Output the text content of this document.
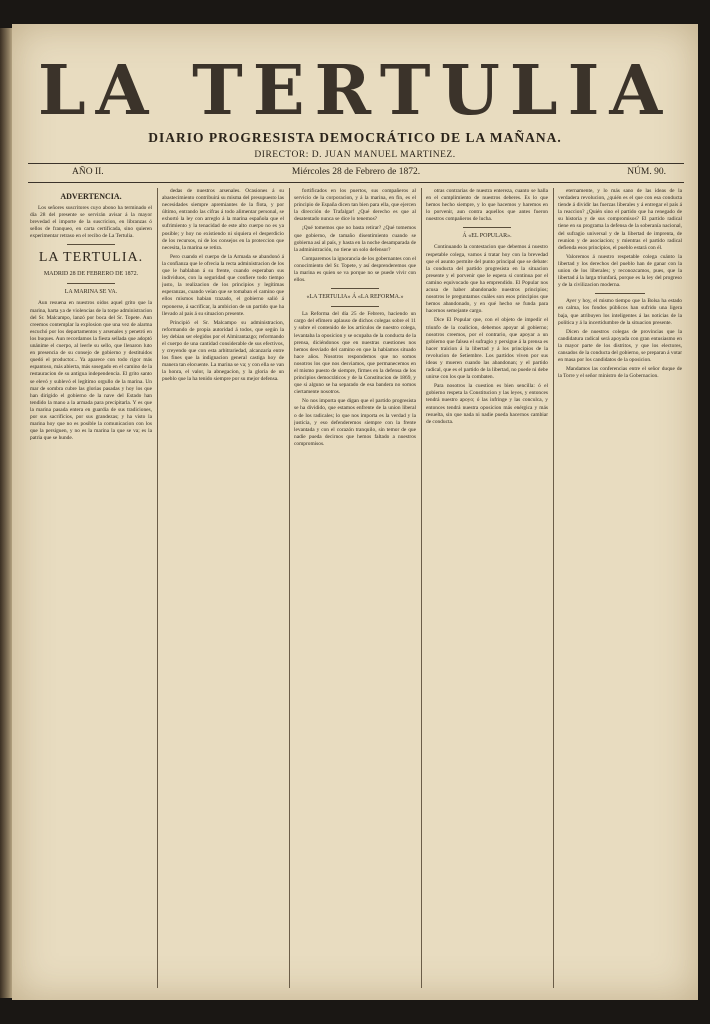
LA TERTULIA
DIARIO PROGRESISTA DEMOCRÁTICO DE LA MAÑANA.
DIRECTOR: D. JUAN MANUEL MARTINEZ.
AÑO II.	Miércoles 28 de Febrero de 1872.	NÚM. 90.
ADVERTENCIA.

Los señores suscritores cuyo abono ha terminado el día 28 del presente se servirán avisar á la mayor brevedad el importe de la suscricion, en libranzas ó sellos de franqueo, en carta certificada, sino quieren experimentar retraso en el recibo de La Tertulia.

LA TERTULIA.
MADRID 28 DE FEBRERO DE 1872.
LA MARINA SE VA.

Aun resuena en nuestros oidos aquel grito que la marina, harta ya de violencias de la torpe administracion del Sr. Malcampo, lanzó por boca del Sr. Topete. Aun creemos contemplar la explosion que una vez de alarma escuchó por los departamentos y arsenales y penetró en los buques. Aun recordamos la fiesta sellada que adoptó unánime el cuerpo, al leerle su sello, que llenaron luto en presencia de su consejo de gobierno y destituidos quedó el productor... Ya aparece con todo rigor más espantoso, más abierta, más sosegado en el camino de la restauracion de su antigua independencia. El grito santo se elevó y sublevó el legítimo orgullo de la marina. Un mar de sombra cubre las glorias pasadas y hoy los que han dirigido el gobierno de la nave del Estado han tendido la mano a la armada para precipitarla. Y es que la marina pasada entera en guardia de sus tradiciones, por sus sacrificios, por sus grandezas; y ha visto la marina hoy que no es posible la comunicacion con los que la persiguen, y no es la marina la que se va; es la patria que se hunde.

dedas de nuestros arsenales. Ocasiones á su abastecimiento contribuirá su misma del presupuesto las necesidades siempre apremiantes de la flota, y por último, entrando las cifras á todo alimentar personal, se exhortó la ley con arreglo á la marina española que el sufrimiento y la tenacidad de este alto cuerpo no es ya posible; y hoy no existiendo ni siquiera el desperdicio de los recursos, ni de los consejos en la proteccion que necesita, la marina se retira.

Pero cuando el cuerpo de la Armada se abandonó á la confianza que le ofrecia la recta administracion de los que le hablaban á su frente, cuando esperaban sus individuos, con la seguridad que confiere todo tiempo justo, la realizacion de los principios y legítimas esperanzas, cuando veían que se tomaban el camino que ellos mismos habian trazado, el gobierno salió á reponerse, á sacrificar, la ambicion de un partido que ha llevado al pais á su situacion presente.

Principió el Sr. Malcampo su administracion, reformando de propia autoridad á todos, que según la ley debian ser elegidos por el Almirantazgo; reformando el cuerpo de una cantidad considerable de sus efectivos, y creyendo que con esta arbitrariedad, alcanzaría entre los fines que la indignacion general castiga hoy de manera tan elocuente. La marina se va; y con ella se van la honra, el valor, la abnegacion, y la gloria de un pueblo que la ha tenido siempre por su mejor defensa.

fortificados en los puertos, sus compañeros al servicio de la corporacion, y á la marina, en fin, es el principio de España dicen tan bien para ella, que ejercen la dirección de Trafalgar! ¿Qué derecho es que al desatentado nunca se dice lo tenemos?

¡Qué tomemos que no basta retirar? ¿Qué tomemos que gobierno, de tamaño disentimiento cuando se gobierna así al país, y hasta en la noche desamparada de la administración, no tiene un solo defensor?

Comparemos la ignorancia de los gobernantes con el conocimiento del Sr. Topete, y así desprenderemos que la marina es quien se va porque no se puede vivir con ellos.

«LA TERTULIA» Á «LA REFORMA.»

La Reforma del día 25 de Febrero, haciendo un cargo del efímero aplauso de dichos colegas sobre el 11 y sobre el contenido de los artículos de nuestro colega, levantaba la oposicion y se ocupaba de la conducta de la prensa, diciéndonos que en nuestras cuestiones nos hemos desviado del camino en que la habíamos situado hace años. Nosotros respondemos que no somos nosotros los que nos desviamos, que permanecemos en el mismo puesto de siempre, firmes en la defensa de los principios democráticos y de la Constitucion de 1869, y que si alguno se ha separado de esa bandera no somos ciertamente nosotros.

No nos importa que digan que el partido progresista se ha dividido, que estamos enfrente de la union liberal o de los radicales; lo que nos importa es la verdad y la justicia, y eso defenderemos siempre con la frente levantada y con el corazón tranquilo, sin temor de que nadie pueda decirnos que hemos faltado a nuestros compromisos.

otras contrarias de nuestra entereza, cuanto se halla en el cumplimiento de nuestros deberes. Es lo que hemos hecho siempre, y lo que hacemos y haremos en lo porvenir, aun contra aquellos que antes fueron nuestros compañeros de lucha.

Á «EL POPULAR».

Continuando la contestacion que debemos á nuestro respetable colega, vamos á tratar hoy con la brevedad que el asunto permite del punto principal que se debate: la conducta del partido progresista en la situacion presente y el porvenir que le espera si continua por el camino equivocado que ha emprendido. El Popular nos acusa de haber abandonado nuestros principios; nosotros le preguntamos cuáles son esos principios que hemos abandonado, y en qué hecho se funda para hacernos semejante cargo.

Dice El Popular que, con el objeto de impedir el triunfo de la coalicion, debemos apoyar al gobierno; nosotros creemos, por el contrario, que apoyar a un gobierno que falsea el sufragio y persigue á la prensa es hacer traicion á la libertad y á los principios de la revolucion de Setiembre. Los partidos viven por sus ideas y mueren cuando las abandonan; y el partido radical, que es el partido de la libertad, no puede ni debe unirse con los que la combaten.

Para nosotros la cuestion es bien sencilla: ó el gobierno respeta la Constitucion y las leyes, y entonces tendrá nuestro apoyo; ó las infringe y las conculca, y entonces tendrá nuestra oposicion más enérgica y más resuelta, sin que nada ni nadie pueda hacernos cambiar de conducta.

eternamente, y lo más sano de las ideas de la verdadera revolucion, ¿quién es el que con esa conducta tiende á dividir las fuerzas liberales y á entregar el país á la reaccion? ¿Quién sino el partido que ha renegado de su historia y de sus compromisos? El partido radical tiene en su programa la defensa de la soberanía nacional, del sufragio universal y de la libertad de imprenta, de reunion y de asociacion; y mientras el partido radical defienda esos principios, el pueblo estará con él.

Valoremos á nuestro respetable colega cuánto la libertad y los derechos del pueblo han de ganar con la union de los liberales; y reconozcamos, pues, que la libertad á la larga triunfará, porque es la ley del progreso y de la civilizacion moderna.

Ayer y hoy, el mismo tiempo que la Bolsa ha estado en calma, los fondos públicos han sufrido una ligera baja, que atribuyen los inteligentes á las noticias de la política y á la incertidumbre de la situacion presente.

Dicen de nuestros colegas de provincias que la candidatura radical será apoyada con gran entusiasmo en la mayor parte de los distritos, y que los electores, cansados de la conducta del gobierno, se preparan á votar en masa por los candidatos de la oposicion.

Mandamos las conferencias entre el señor duque de la Torre y el señor ministro de la Gobernacion.
